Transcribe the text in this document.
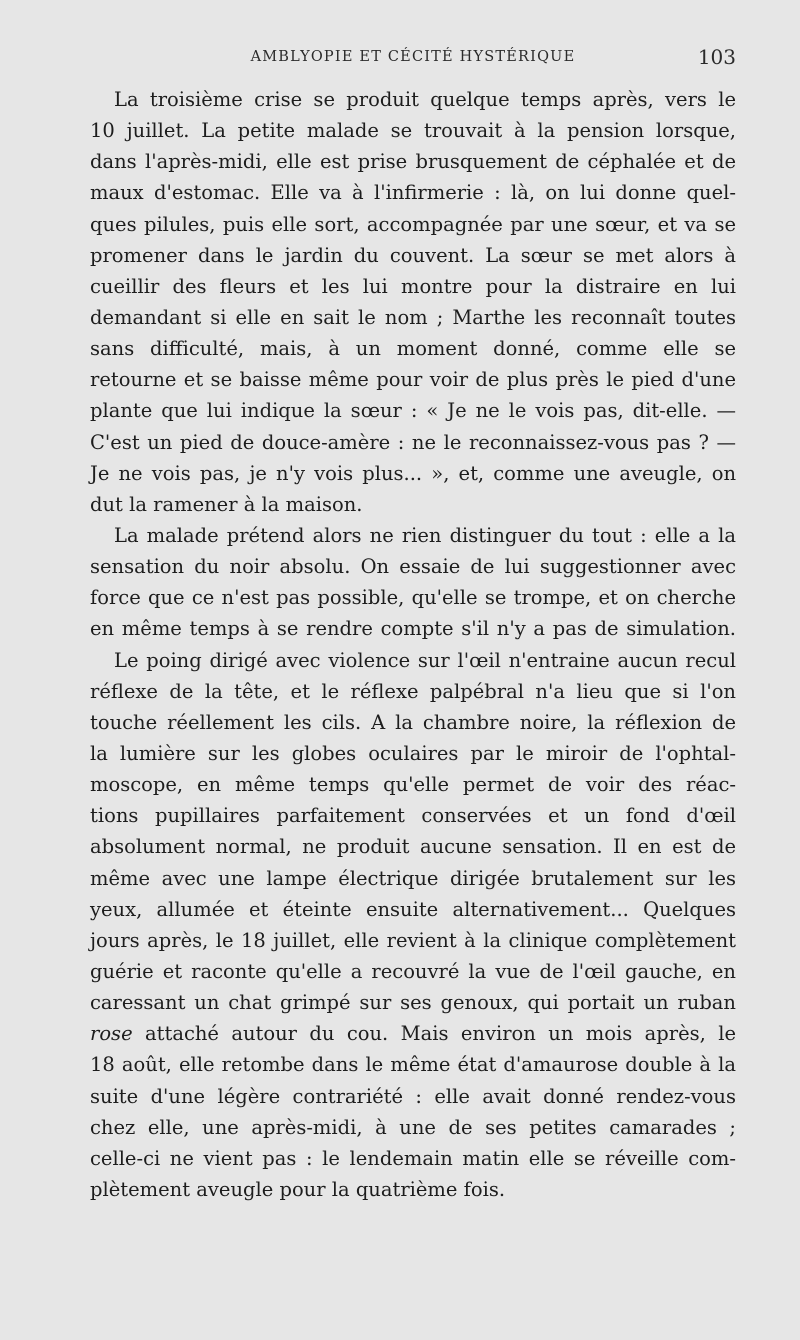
AMBLYOPIE ET CÉCITÉ HYSTÉRIQUE	103
La troisième crise se produit quelque temps après, vers le
10 juillet. La petite malade se trouvait à la pension lorsque,
dans l'après-midi, elle est prise brusquement de céphalée et de
maux d'estomac. Elle va à l'infirmerie : là, on lui donne quel-
ques pilules, puis elle sort, accompagnée par une sœur, et va se
promener dans le jardin du couvent. La sœur se met alors à
cueillir des fleurs et les lui montre pour la distraire en lui
demandant si elle en sait le nom ; Marthe les reconnaît toutes
sans difficulté, mais, à un moment donné, comme elle se
retourne et se baisse même pour voir de plus près le pied d'une
plante que lui indique la sœur : « Je ne le vois pas, dit-elle. —
C'est un pied de douce-amère : ne le reconnaissez-vous pas ? —
Je ne vois pas, je n'y vois plus... », et, comme une aveugle, on
dut la ramener à la maison.
La malade prétend alors ne rien distinguer du tout : elle a la
sensation du noir absolu. On essaie de lui suggestionner avec
force que ce n'est pas possible, qu'elle se trompe, et on cherche
en même temps à se rendre compte s'il n'y a pas de simulation.
Le poing dirigé avec violence sur l'œil n'entraine aucun recul
réflexe de la tête, et le réflexe palpébral n'a lieu que si l'on
touche réellement les cils. A la chambre noire, la réflexion de
la lumière sur les globes oculaires par le miroir de l'ophtal-
moscope, en même temps qu'elle permet de voir des réac-
tions pupillaires parfaitement conservées et un fond d'œil
absolument normal, ne produit aucune sensation. Il en est de
même avec une lampe électrique dirigée brutalement sur les
yeux, allumée et éteinte ensuite alternativement... Quelques
jours après, le 18 juillet, elle revient à la clinique complètement
guérie et raconte qu'elle a recouvré la vue de l'œil gauche, en
caressant un chat grimpé sur ses genoux, qui portait un ruban
rose attaché autour du cou. Mais environ un mois après, le
18 août, elle retombe dans le même état d'amaurose double à la
suite d'une légère contrariété : elle avait donné rendez-vous
chez elle, une après-midi, à une de ses petites camarades ;
celle-ci ne vient pas : le lendemain matin elle se réveille com-
plètement aveugle pour la quatrième fois.
